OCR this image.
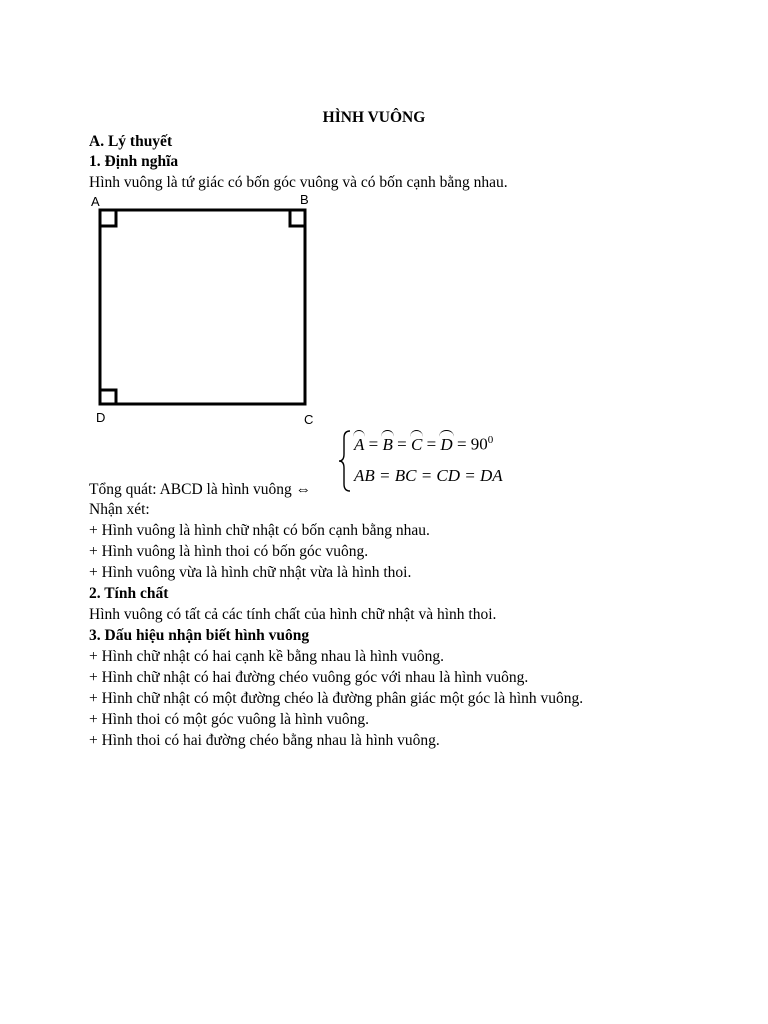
HÌNH VUÔNG
A. Lý thuyết
1. Định nghĩa
Hình vuông là tứ giác có bốn góc vuông và có bốn cạnh bằng nhau.
A	B
D	C
Tổng quát: ABCD là hình vuông ⇔
$A = B = C = D = 90^0$
AB = BC = CD = DA
Nhận xét:
+ Hình vuông là hình chữ nhật có bốn cạnh bằng nhau.
+ Hình vuông là hình thoi có bốn góc vuông.
+ Hình vuông vừa là hình chữ nhật vừa là hình thoi.
2. Tính chất
Hình vuông có tất cả các tính chất của hình chữ nhật và hình thoi.
3. Dấu hiệu nhận biết hình vuông
+ Hình chữ nhật có hai cạnh kề bằng nhau là hình vuông.
+ Hình chữ nhật có hai đường chéo vuông góc với nhau là hình vuông.
+ Hình chữ nhật có một đường chéo là đường phân giác một góc là hình vuông.
+ Hình thoi có một góc vuông là hình vuông.
+ Hình thoi có hai đường chéo bằng nhau là hình vuông.
